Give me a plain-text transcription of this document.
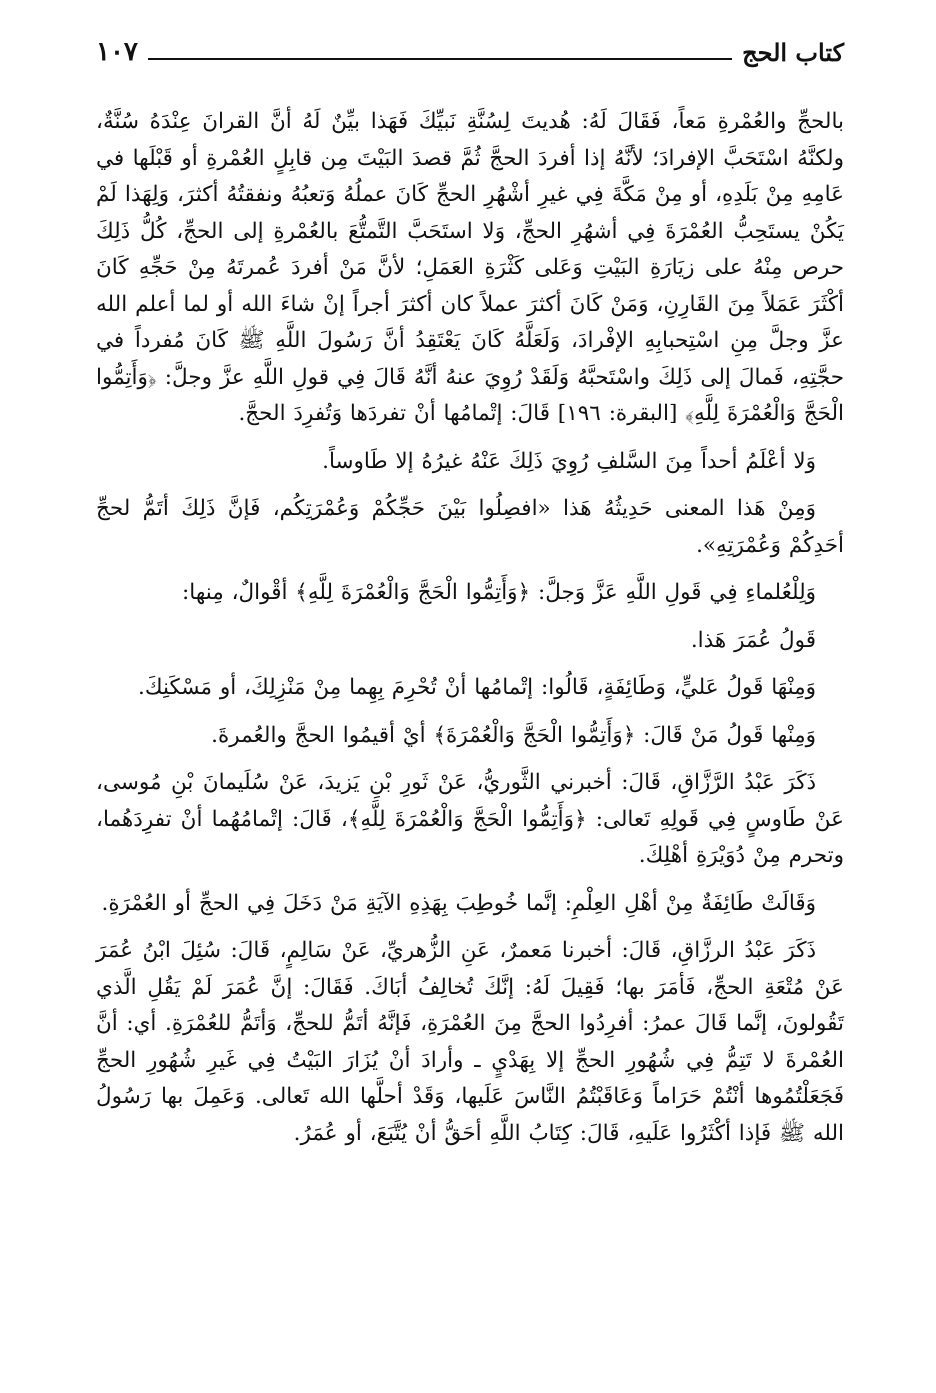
كتاب الحج
١٠٧

بالحجِّ والعُمْرةِ مَعاً، فَقَالَ لَهُ: هُديتَ لِسُنَّةِ نَبيِّكَ فَهَذا بيِّنٌ لَهُ أنَّ القرانَ عِنْدَهُ سُنَّةٌ، ولكنَّهُ اسْتَحَبَّ الإفرادَ؛ لأنَّهُ إذا أفردَ الحجَّ ثُمَّ قصدَ البَيْتَ مِن قابِلٍ العُمْرةِ أو قَبْلَها في عَامِهِ مِنْ بَلَدِهِ، أو مِنْ مَكَّةَ فِي غيرِ أشْهُرِ الحجِّ كَانَ عملُهُ وَتعبُهُ ونفقتُهُ أكثرَ، وَلِهَذا لَمْ يَكُنْ يستَحِبُّ العُمْرَةَ فِي أشهُرِ الحجِّ، وَلا استَحَبَّ التَّمتُّعَ بالعُمْرةِ إلى الحجِّ، كُلُّ ذَلِكَ حرص مِنْهُ على زيَارَةِ البَيْتِ وَعَلى كَثْرَةِ العَمَلِ؛ لأنَّ مَنْ أفردَ عُمرتَهُ مِنْ حَجِّهِ كَانَ أكْثَرَ عَمَلاً مِنَ القَارِنِ، وَمَنْ كَانَ أكثرَ عملاً كان أكثرَ أجراً إنْ شاءَ الله أو لما أعلم الله عزَّ وجلَّ مِنِ اسْتِحبابِهِ الإفْرادَ، وَلَعَلَّهُ كَانَ يَعْتَقِدُ أنَّ رَسُولَ اللَّهِ ﷺ كَانَ مُفرداً في حجَّتِهِ، فَمالَ إلى ذَلِكَ واسْتَحبَّهُ وَلَقَدْ رُوِيَ عنهُ أنَّهُ قَالَ فِي قولِ اللَّهِ عزَّ وجلَّ: ﴿وَأَتِمُّوا الْحَجَّ وَالْعُمْرَةَ لِلَّهِ﴾ [البقرة: ١٩٦] قَالَ: إتْمامُها أنْ تفردَها وَتُفرِدَ الحجَّ.

وَلا أعْلَمُ أحداً مِنَ السَّلفِ رُوِيَ ذَلِكَ عَنْهُ غيرُهُ إلا طَاوساً.

وَمِنْ هَذا المعنى حَدِيثُهُ هَذا «افصِلُوا بَيْنَ حَجِّكُمْ وَعُمْرَتِكُم، فَإنَّ ذَلِكَ أتَمُّ لحجِّ أحَدِكُمْ وَعُمْرَتِهِ».

وَلِلْعُلماءِ فِي قَولِ اللَّهِ عَزَّ وَجلَّ: ﴿وَأَتِمُّوا الْحَجَّ وَالْعُمْرَةَ لِلَّهِ﴾ أقْوالٌ، مِنها:

قَولُ عُمَرَ هَذا.

وَمِنْهَا قَولُ عَليٍّ، وَطَائِفَةٍ، قَالُوا: إتْمامُها أنْ تُحْرِمَ بِهِما مِنْ مَنْزِلِكَ، أو مَسْكَنِكَ.

وَمِنْها قَولُ مَنْ قَالَ: ﴿وَأَتِمُّوا الْحَجَّ وَالْعُمْرَةَ﴾ أيْ أقيمُوا الحجَّ والعُمرةَ.

ذَكَرَ عَبْدُ الرَّزَّاقِ، قَالَ: أخبرني الثَّوريُّ، عَنْ ثَورِ بْنِ يَزيدَ، عَنْ سُلَيمانَ بْنِ مُوسى، عَنْ طَاوسٍ فِي قَولِهِ تَعالى: ﴿وَأَتِمُّوا الْحَجَّ وَالْعُمْرَةَ لِلَّهِ﴾، قَالَ: إتْمامُهُما أنْ تفرِدَهُما، وتحرم مِنْ دُوَيْرَةِ أهْلِكَ.

وَقَالَتْ طَائِفَةٌ مِنْ أهْلِ العِلْمِ: إنَّما خُوطِبَ بِهَذِهِ الآيَةِ مَنْ دَخَلَ فِي الحجِّ أو العُمْرَةِ.

ذَكَرَ عَبْدُ الرزَّاقِ، قَالَ: أخبرنا مَعمرٌ، عَنِ الزُّهريِّ، عَنْ سَالِمٍ، قَالَ: سُئِلَ ابْنُ عُمَرَ عَنْ مُتْعَةِ الحجِّ، فَأمَرَ بها؛ فَقِيلَ لَهُ: إنَّكَ تُخالِفُ أبَاكَ. فَقَالَ: إنَّ عُمَرَ لَمْ يَقُلِ الَّذي تَقُولونَ، إنَّما قَالَ عمرُ: أفرِدُوا الحجَّ مِنَ العُمْرَةِ، فَإنَّهُ أتَمُّ للحجِّ، وَأتَمُّ للعُمْرَةِ. أي: أنَّ العُمْرةَ لا تَتِمُّ فِي شُهُورِ الحجِّ إلا بِهَدْيٍ ـ وأرادَ أنْ يُزَارَ البَيْتُ فِي غَيرِ شُهُورِ الحجِّ فَجَعَلْتُمُوها أنْتُمْ حَرَاماً وَعَاقَبْتُمُ النَّاسَ عَلَيها، وَقَدْ أحلَّها الله تَعالى. وَعَمِلَ بها رَسُولُ الله ﷺ فَإذا أكْثَرُوا عَلَيهِ، قَالَ: كِتَابُ اللَّهِ أحَقُّ أنْ يُتَّبَعَ، أو عُمَرُ.
